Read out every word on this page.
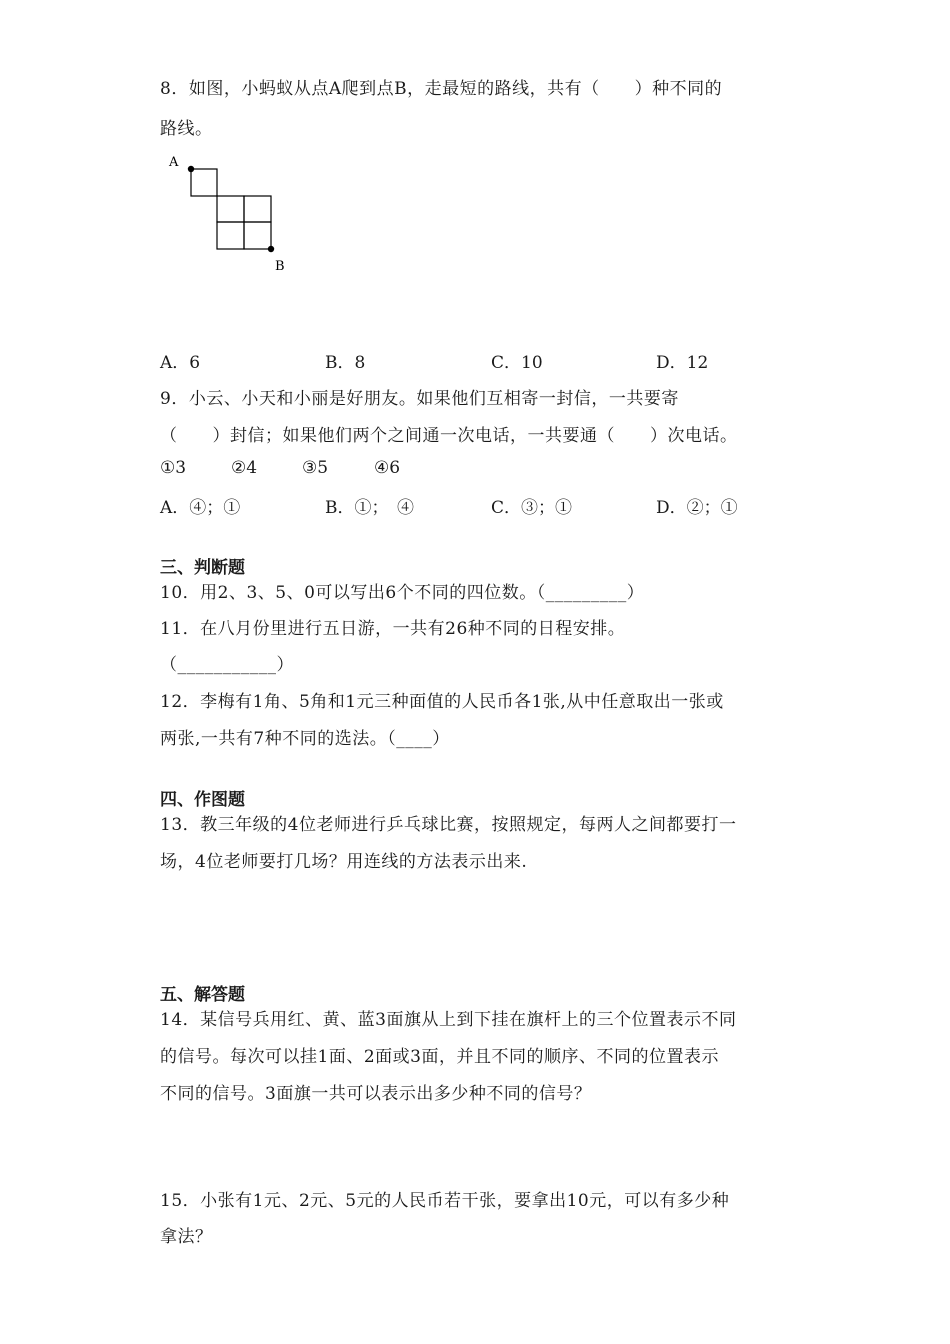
8．如图，小蚂蚁从点A爬到点B，走最短的路线，共有（　　）种不同的
路线。
A
B
A．6	B．8	C．10	D．12
9．小云、小天和小丽是好朋友。如果他们互相寄一封信，一共要寄
（　　）封信；如果他们两个之间通一次电话，一共要通（　　）次电话。
①3	②4	③5	④6
A．④；①	B．①；　④	C．③；①	D．②；①
三、判断题
10．用2、3、5、0可以写出6个不同的四位数。（_________）
11．在八月份里进行五日游，一共有26种不同的日程安排。
（___________）
12．李梅有1角、5角和1元三种面值的人民币各1张,从中任意取出一张或
两张,一共有7种不同的选法。（____）
四、作图题
13．教三年级的4位老师进行乒乓球比赛，按照规定，每两人之间都要打一
场，4位老师要打几场？用连线的方法表示出来.
五、解答题
14．某信号兵用红、黄、蓝3面旗从上到下挂在旗杆上的三个位置表示不同
的信号。每次可以挂1面、2面或3面，并且不同的顺序、不同的位置表示
不同的信号。3面旗一共可以表示出多少种不同的信号？
15．小张有1元、2元、5元的人民币若干张，要拿出10元，可以有多少种
拿法？
